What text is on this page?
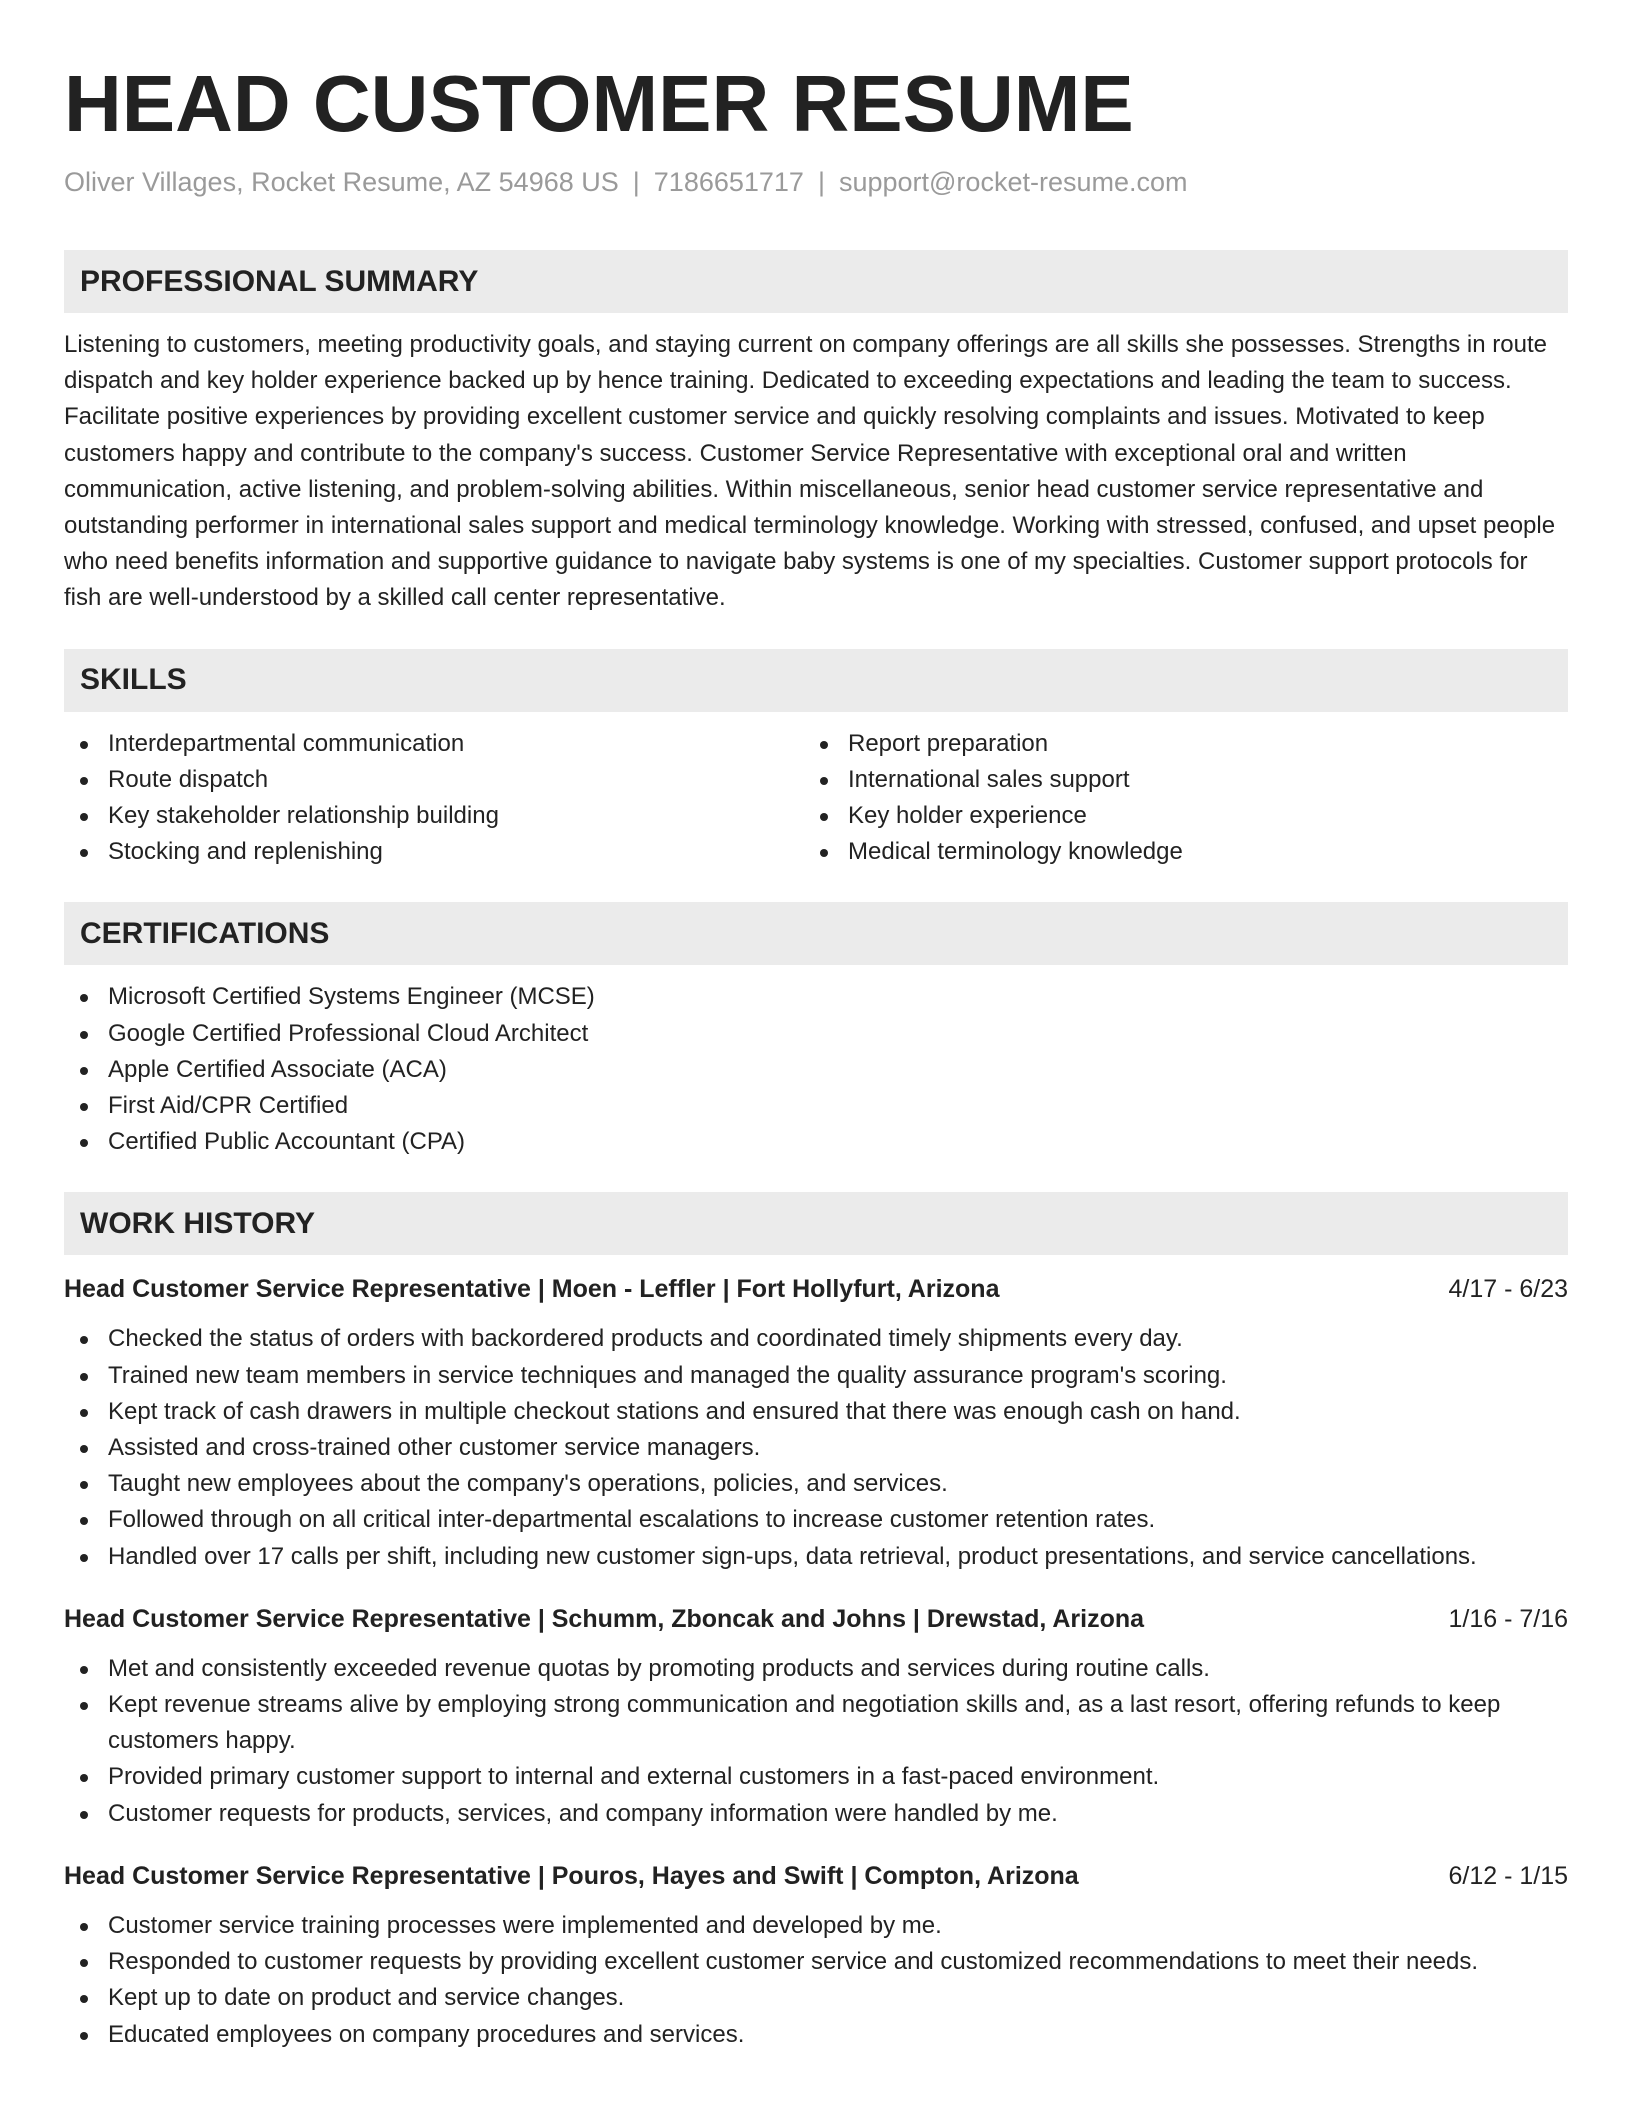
HEAD CUSTOMER RESUME
Oliver Villages, Rocket Resume, AZ 54968 US | 7186651717 | support@rocket-resume.com
PROFESSIONAL SUMMARY

Listening to customers, meeting productivity goals, and staying current on company offerings are all skills she possesses. Strengths in route dispatch and key holder experience backed up by hence training. Dedicated to exceeding expectations and leading the team to success. Facilitate positive experiences by providing excellent customer service and quickly resolving complaints and issues. Motivated to keep customers happy and contribute to the company's success. Customer Service Representative with exceptional oral and written communication, active listening, and problem-solving abilities. Within miscellaneous, senior head customer service representative and outstanding performer in international sales support and medical terminology knowledge. Working with stressed, confused, and upset people who need benefits information and supportive guidance to navigate baby systems is one of my specialties. Customer support protocols for fish are well-understood by a skilled call center representative.

SKILLS
Interdepartmental communication
Route dispatch
Key stakeholder relationship building
Stocking and replenishing
Report preparation
International sales support
Key holder experience
Medical terminology knowledge
CERTIFICATIONS
Microsoft Certified Systems Engineer (MCSE)
Google Certified Professional Cloud Architect
Apple Certified Associate (ACA)
First Aid/CPR Certified
Certified Public Accountant (CPA)
WORK HISTORY
Head Customer Service Representative | Moen - Leffler | Fort Hollyfurt, Arizona	4/17 - 6/23
Checked the status of orders with backordered products and coordinated timely shipments every day.
Trained new team members in service techniques and managed the quality assurance program's scoring.
Kept track of cash drawers in multiple checkout stations and ensured that there was enough cash on hand.
Assisted and cross-trained other customer service managers.
Taught new employees about the company's operations, policies, and services.
Followed through on all critical inter-departmental escalations to increase customer retention rates.
Handled over 17 calls per shift, including new customer sign-ups, data retrieval, product presentations, and service cancellations.
Head Customer Service Representative | Schumm, Zboncak and Johns | Drewstad, Arizona	1/16 - 7/16
Met and consistently exceeded revenue quotas by promoting products and services during routine calls.
Kept revenue streams alive by employing strong communication and negotiation skills and, as a last resort, offering refunds to keep customers happy.
Provided primary customer support to internal and external customers in a fast-paced environment.
Customer requests for products, services, and company information were handled by me.
Head Customer Service Representative | Pouros, Hayes and Swift | Compton, Arizona	6/12 - 1/15
Customer service training processes were implemented and developed by me.
Responded to customer requests by providing excellent customer service and customized recommendations to meet their needs.
Kept up to date on product and service changes.
Educated employees on company procedures and services.
